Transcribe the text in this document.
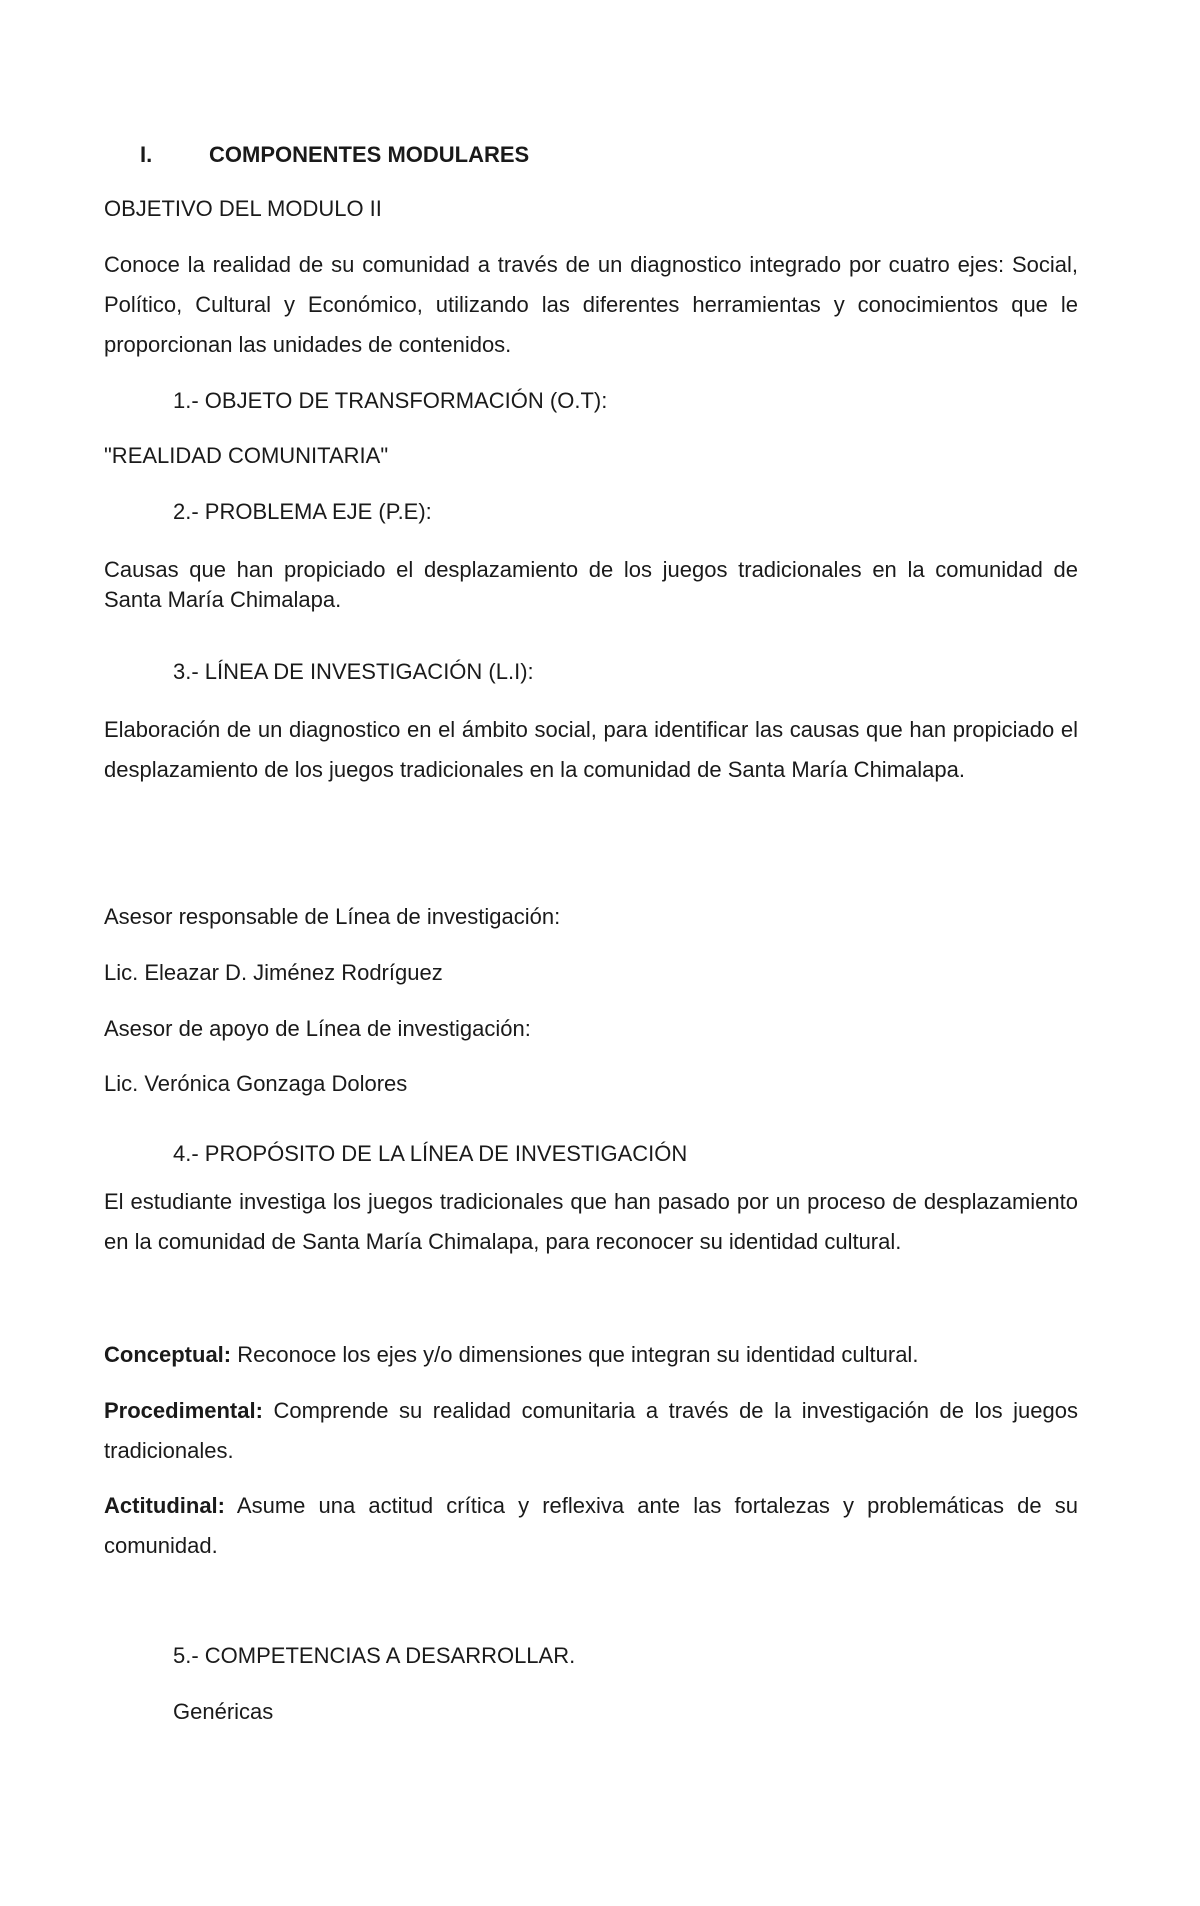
I.	COMPONENTES MODULARES

OBJETIVO DEL MODULO II

Conoce la realidad de su comunidad a través de un diagnostico integrado por cuatro ejes: Social, Político, Cultural y Económico, utilizando las diferentes herramientas y conocimientos que le proporcionan las unidades de contenidos.

1.- OBJETO DE TRANSFORMACIÓN (O.T):

"REALIDAD COMUNITARIA"

2.- PROBLEMA EJE (P.E):

Causas que han propiciado el desplazamiento de los juegos tradicionales en la comunidad de Santa María Chimalapa.

3.- LÍNEA DE INVESTIGACIÓN (L.I):

Elaboración de un diagnostico en el ámbito social, para identificar las causas que han propiciado el desplazamiento de los juegos tradicionales en la comunidad de Santa María Chimalapa.

Asesor responsable de Línea de investigación:

Lic. Eleazar D. Jiménez Rodríguez

Asesor de apoyo de Línea de investigación:

Lic. Verónica Gonzaga Dolores

4.- PROPÓSITO DE LA LÍNEA DE INVESTIGACIÓN

El estudiante investiga los juegos tradicionales que han pasado por un proceso de desplazamiento en la comunidad de Santa María Chimalapa, para reconocer su identidad cultural.

Conceptual: Reconoce los ejes y/o dimensiones que integran su identidad cultural.

Procedimental: Comprende su realidad comunitaria a través de la investigación de los juegos tradicionales.

Actitudinal: Asume una actitud crítica y reflexiva ante las fortalezas y problemáticas de su comunidad.

5.- COMPETENCIAS A DESARROLLAR.

Genéricas
